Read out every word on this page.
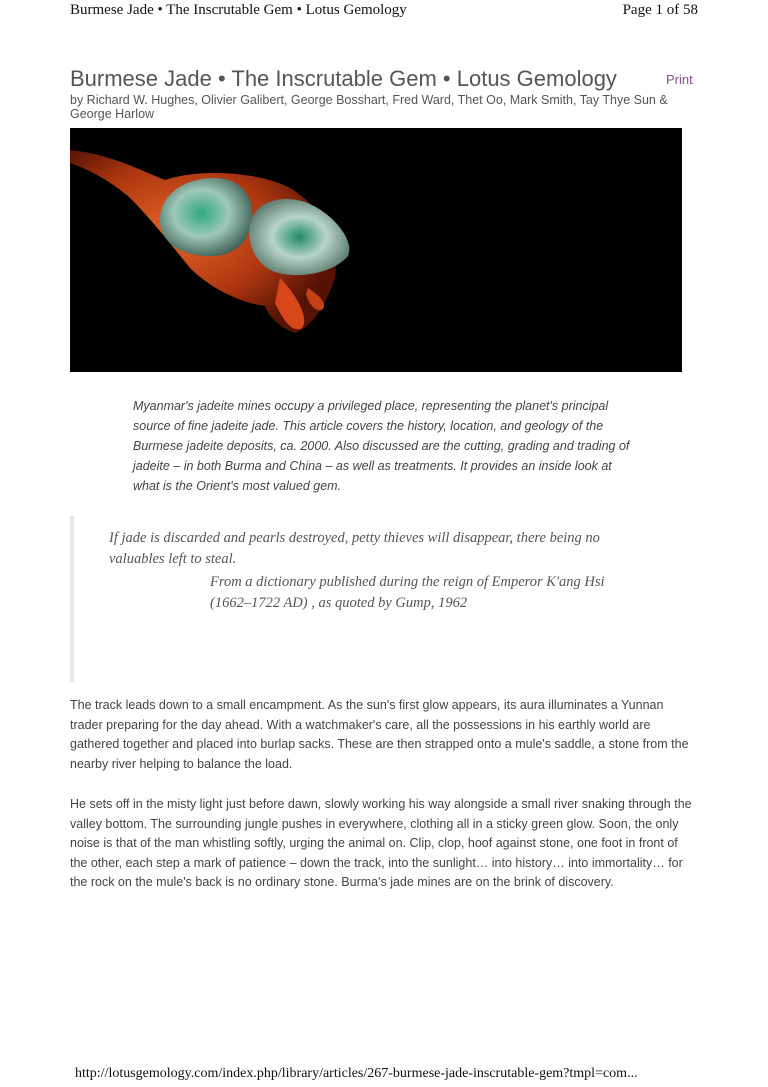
Burmese Jade • The Inscrutable Gem • Lotus Gemology	Page 1 of 58
Burmese Jade • The Inscrutable Gem • Lotus Gemology	Print
by Richard W. Hughes, Olivier Galibert, George Bosshart, Fred Ward, Thet Oo, Mark Smith, Tay Thye Sun & George Harlow
Myanmar's jadeite mines occupy a privileged place, representing the planet's principal source of fine jadeite jade. This article covers the history, location, and geology of the Burmese jadeite deposits, ca. 2000. Also discussed are the cutting, grading and trading of jadeite – in both Burma and China – as well as treatments. It provides an inside look at what is the Orient's most valued gem.
If jade is discarded and pearls destroyed, petty thieves will disappear, there being no valuables left to steal.
From a dictionary published during the reign of Emperor K'ang Hsi (1662–1722 AD) , as quoted by Gump, 1962

The track leads down to a small encampment. As the sun's first glow appears, its aura illuminates a Yunnan trader preparing for the day ahead. With a watchmaker's care, all the possessions in his earthly world are gathered together and placed into burlap sacks. These are then strapped onto a mule's saddle, a stone from the nearby river helping to balance the load.

He sets off in the misty light just before dawn, slowly working his way alongside a small river snaking through the valley bottom. The surrounding jungle pushes in everywhere, clothing all in a sticky green glow. Soon, the only noise is that of the man whistling softly, urging the animal on. Clip, clop, hoof against stone, one foot in front of the other, each step a mark of patience – down the track, into the sunlight… into history… into immortality… for the rock on the mule's back is no ordinary stone. Burma's jade mines are on the brink of discovery.

http://lotusgemology.com/index.php/library/articles/267-burmese-jade-inscrutable-gem?tmpl=com...
